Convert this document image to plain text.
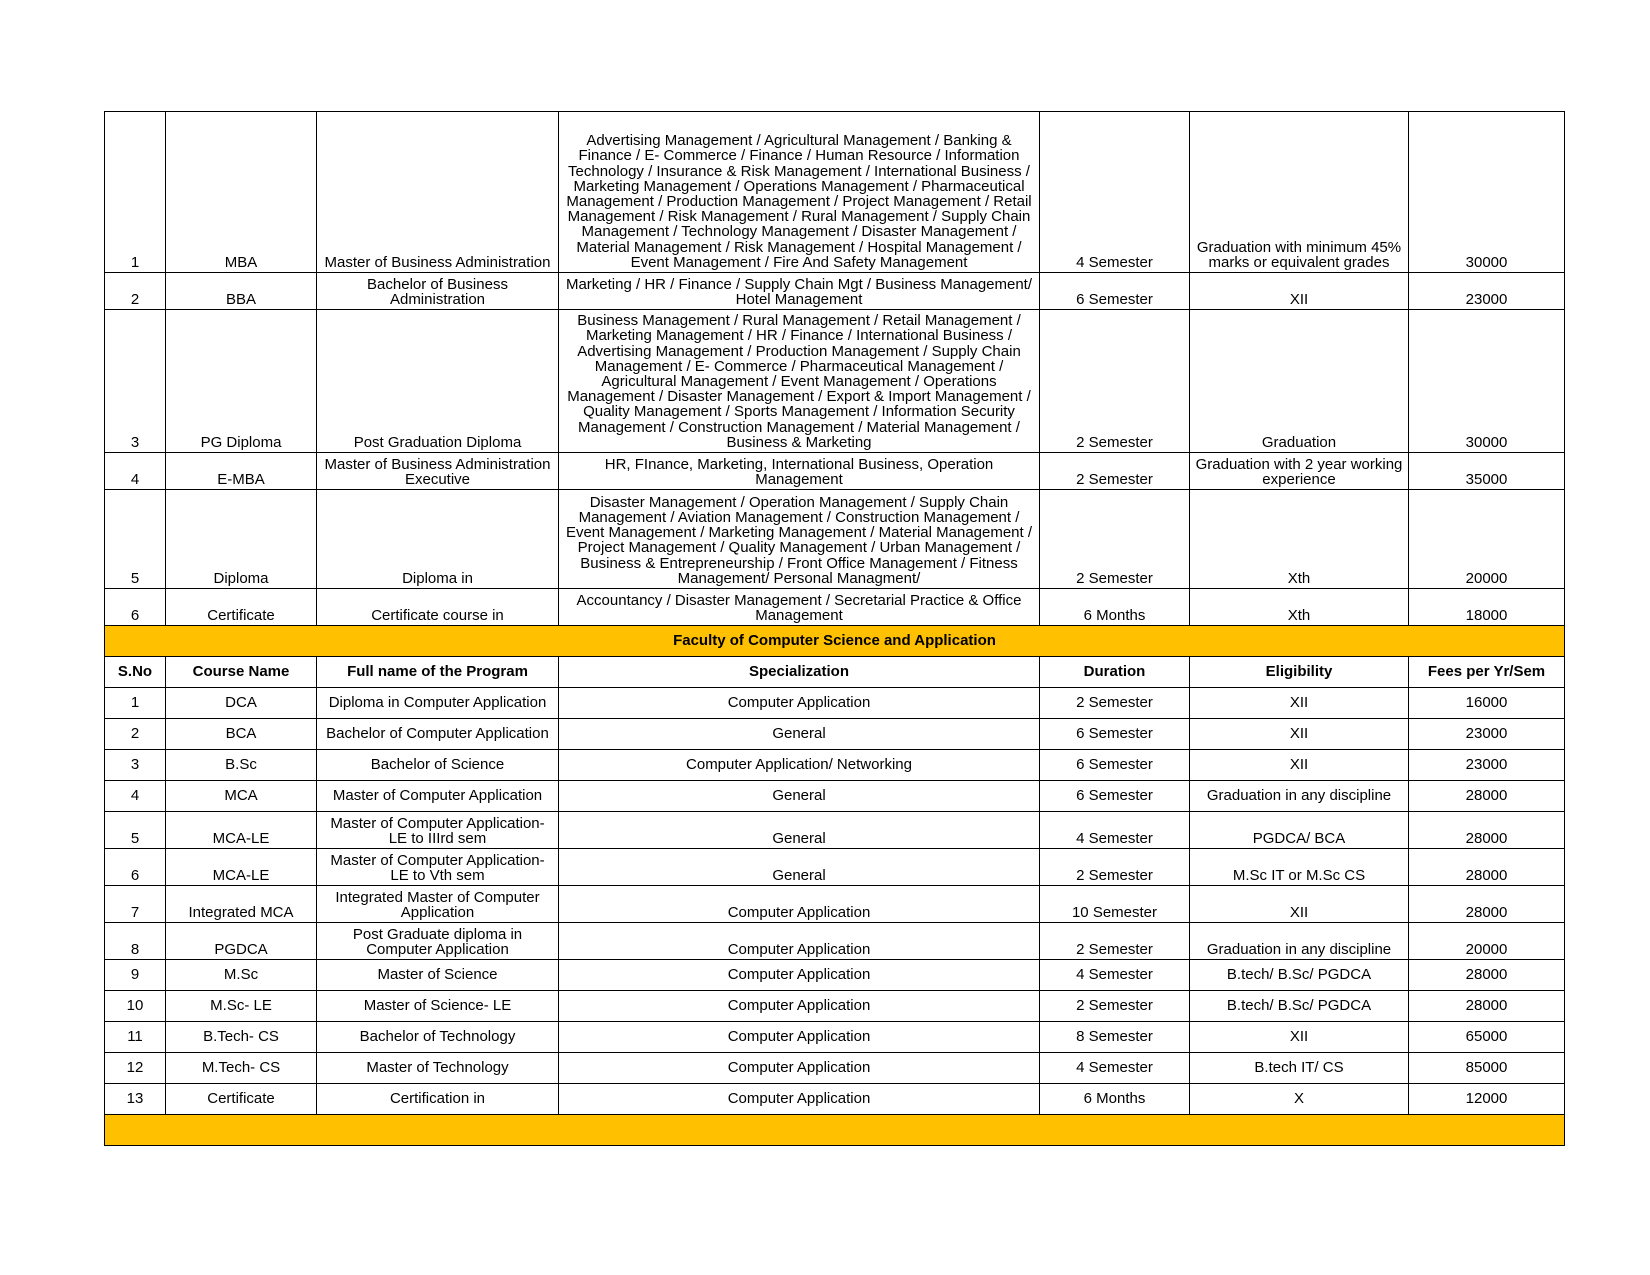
1	MBA	Master of Business Administration	Advertising Management / Agricultural Management / Banking & Finance / E- Commerce / Finance / Human Resource / Information Technology / Insurance & Risk Management / International Business / Marketing Management / Operations Management / Pharmaceutical Management / Production Management / Project Management / Retail Management / Risk Management / Rural Management / Supply Chain Management / Technology Management / Disaster Management / Material Management / Risk Management / Hospital Management / Event Management / Fire And Safety Management	4 Semester	Graduation with minimum 45% marks or equivalent grades	30000
2	BBA	Bachelor of Business Administration	Marketing / HR / Finance / Supply Chain Mgt / Business Management/ Hotel Management	6 Semester	XII	23000
3	PG Diploma	Post Graduation Diploma	Business Management / Rural Management / Retail Management / Marketing Management / HR / Finance / International Business / Advertising Management / Production Management / Supply Chain Management / E- Commerce / Pharmaceutical Management / Agricultural Management / Event Management / Operations Management / Disaster Management / Export & Import Management / Quality Management / Sports Management / Information Security Management / Construction Management / Material Management / Business & Marketing	2 Semester	Graduation	30000
4	E-MBA	Master of Business Administration Executive	HR, FInance, Marketing, International Business, Operation Management	2 Semester	Graduation with 2 year working experience	35000
5	Diploma	Diploma in	Disaster Management / Operation Management / Supply Chain Management / Aviation Management / Construction Management / Event Management / Marketing Management / Material Management / Project Management / Quality Management / Urban Management / Business & Entrepreneurship / Front Office Management / Fitness Management/ Personal Managment/	2 Semester	Xth	20000
6	Certificate	Certificate course in	Accountancy / Disaster Management / Secretarial Practice & Office Management	6 Months	Xth	18000
Faculty of Computer Science and Application						
S.No	Course Name	Full name of the Program	Specialization	Duration	Eligibility	Fees per Yr/Sem
1	DCA	Diploma in Computer Application	Computer Application	2 Semester	XII	16000
2	BCA	Bachelor of Computer Application	General	6 Semester	XII	23000
3	B.Sc	Bachelor of Science	Computer Application/ Networking	6 Semester	XII	23000
4	MCA	Master of Computer Application	General	6 Semester	Graduation in any discipline	28000
5	MCA-LE	Master of Computer Application- LE to IIIrd sem	General	4 Semester	PGDCA/ BCA	28000
6	MCA-LE	Master of Computer Application- LE to Vth sem	General	2 Semester	M.Sc IT or M.Sc CS	28000
7	Integrated MCA	Integrated Master of Computer Application	Computer Application	10 Semester	XII	28000
8	PGDCA	Post Graduate diploma in Computer Application	Computer Application	2 Semester	Graduation in any discipline	20000
9	M.Sc	Master of Science	Computer Application	4 Semester	B.tech/ B.Sc/ PGDCA	28000
10	M.Sc- LE	Master of Science- LE	Computer Application	2 Semester	B.tech/ B.Sc/ PGDCA	28000
11	B.Tech- CS	Bachelor of Technology	Computer Application	8 Semester	XII	65000
12	M.Tech- CS	Master of Technology	Computer Application	4 Semester	B.tech IT/ CS	85000
13	Certificate	Certification in	Computer Application	6 Months	X	12000
